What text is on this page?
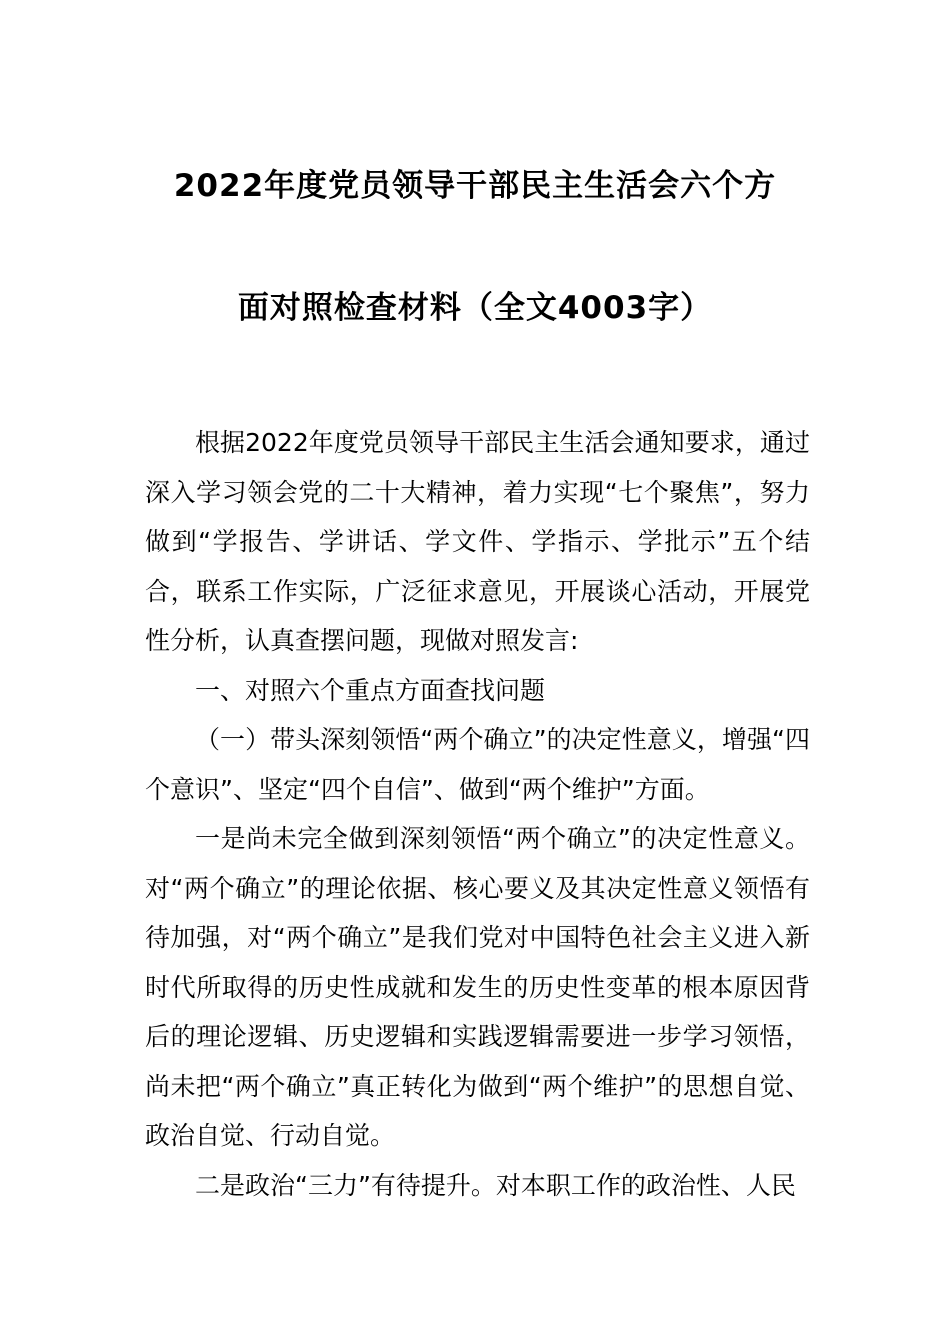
2022年度党员领导干部民主生活会六个方
面对照检查材料（全文4003字）

根据2022年度党员领导干部民主生活会通知要求，通过深入学习领会党的二十大精神，着力实现“七个聚焦”，努力做到“学报告、学讲话、学文件、学指示、学批示”五个结合，联系工作实际，广泛征求意见，开展谈心活动，开展党性分析，认真查摆问题，现做对照发言:

一、对照六个重点方面查找问题

（一）带头深刻领悟“两个确立”的决定性意义，增强“四个意识”、坚定“四个自信”、做到“两个维护”方面。

一是尚未完全做到深刻领悟“两个确立”的决定性意义。对“两个确立”的理论依据、核心要义及其决定性意义领悟有待加强，对“两个确立”是我们党对中国特色社会主义进入新时代所取得的历史性成就和发生的历史性变革的根本原因背后的理论逻辑、历史逻辑和实践逻辑需要进一步学习领悟，尚未把“两个确立”真正转化为做到“两个维护”的思想自觉、政治自觉、行动自觉。

二是政治“三力”有待提升。对本职工作的政治性、人民
